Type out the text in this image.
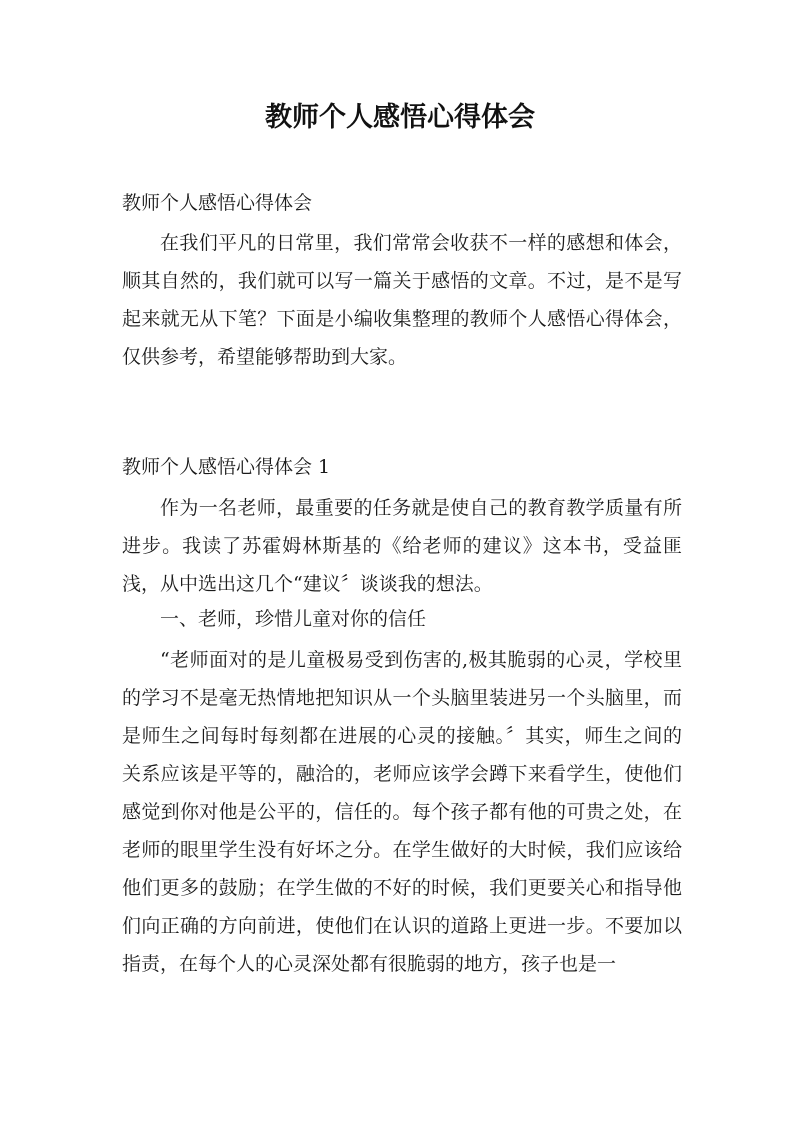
教师个人感悟心得体会
教师个人感悟心得体会

在我们平凡的日常里，我们常常会收获不一样的感想和体会，顺其自然的，我们就可以写一篇关于感悟的文章。不过，是不是写起来就无从下笔？下面是小编收集整理的教师个人感悟心得体会，仅供参考，希望能够帮助到大家。

教师个人感悟心得体会 1

作为一名老师，最重要的任务就是使自己的教育教学质量有所进步。我读了苏霍姆林斯基的《给老师的建议》这本书，受益匪浅，从中选出这几个“建议〞谈谈我的想法。

一、老师，珍惜儿童对你的信任

“老师面对的是儿童极易受到伤害的,极其脆弱的心灵，学校里的学习不是毫无热情地把知识从一个头脑里装进另一个头脑里，而是师生之间每时每刻都在进展的心灵的接触。〞其实，师生之间的关系应该是平等的，融洽的，老师应该学会蹲下来看学生，使他们感觉到你对他是公平的，信任的。每个孩子都有他的可贵之处，在老师的眼里学生没有好坏之分。在学生做好的大时候，我们应该给他们更多的鼓励；在学生做的不好的时候，我们更要关心和指导他们向正确的方向前进，使他们在认识的道路上更进一步。不要加以指责，在每个人的心灵深处都有很脆弱的地方，孩子也是一
